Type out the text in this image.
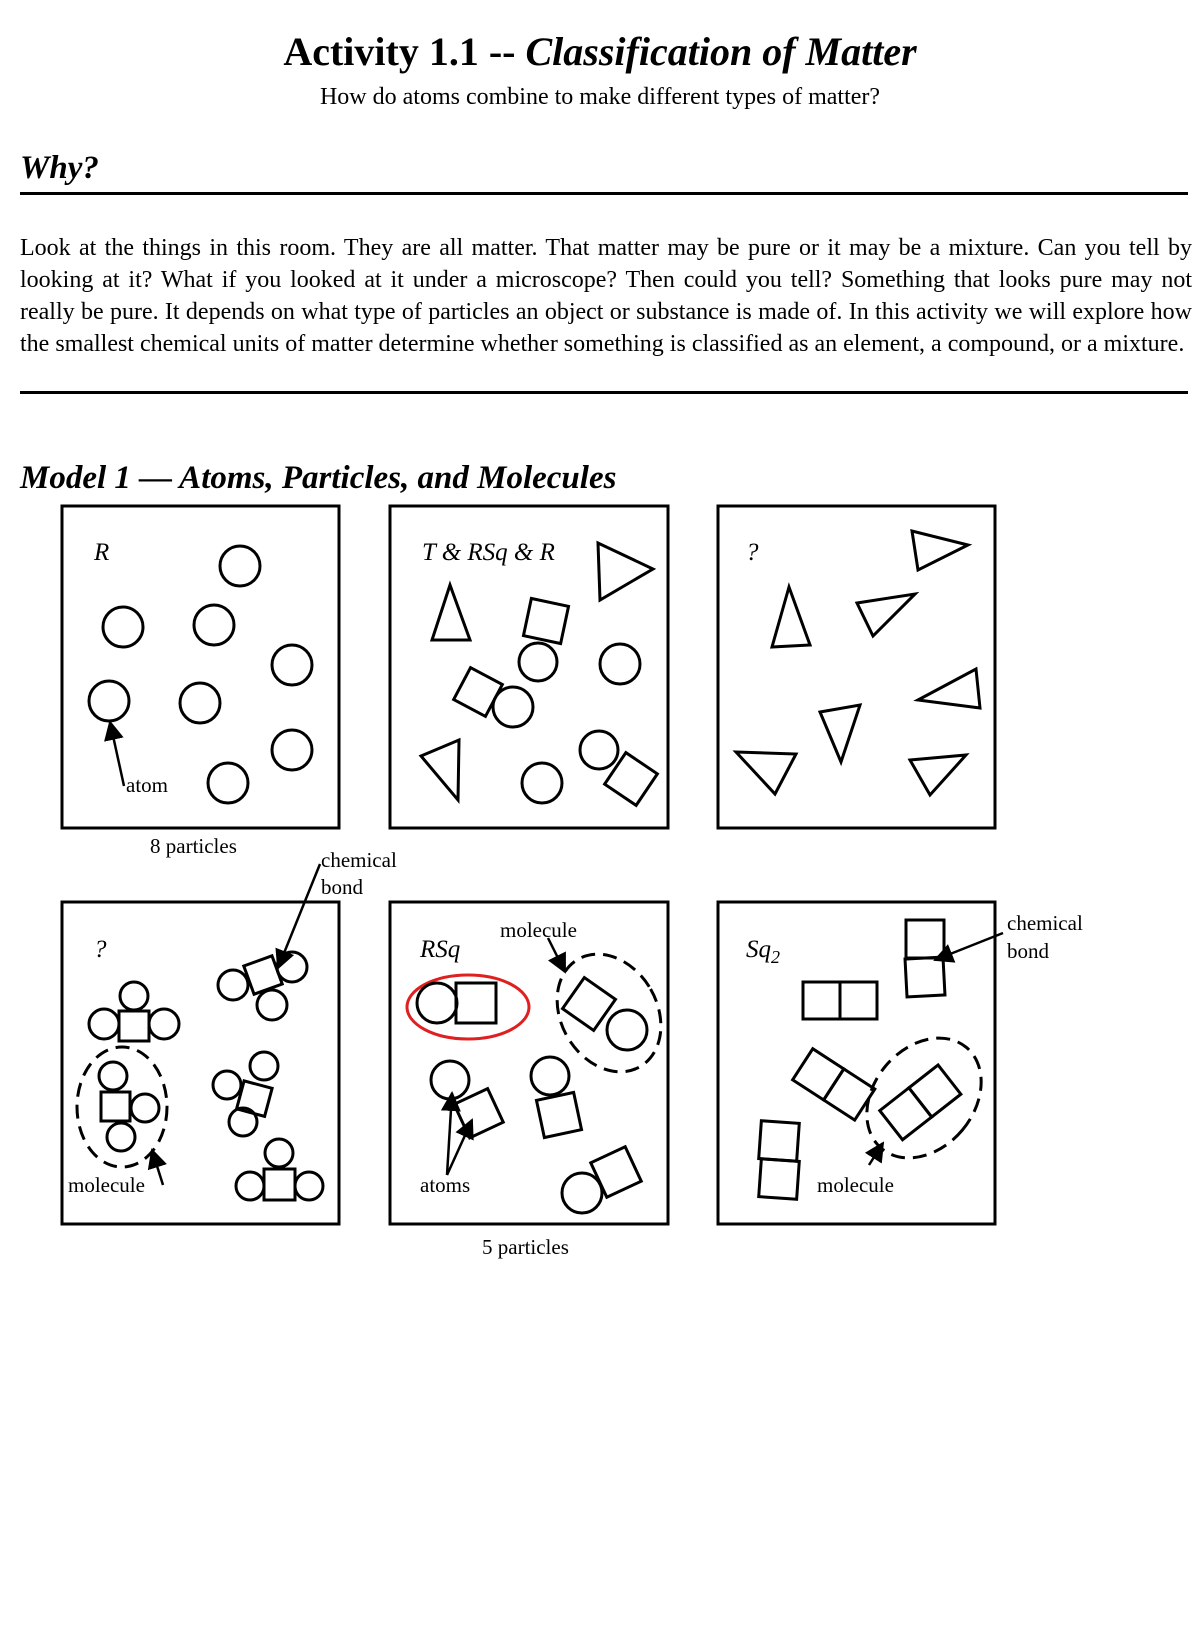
Activity 1.1 -- Classification of Matter
How do atoms combine to make different types of matter?
Why?
Look at the things in this room. They are all matter. That matter may be pure or it may be a mixture. Can you tell by looking at it? What if you looked at it under a microscope? Then could you tell? Something that looks pure may not really be pure. It depends on what type of particles an object or substance is made of. In this activity we will explore how the smallest chemical units of matter determine whether something is classified as an element, a compound, or a mixture.
Model 1 — Atoms, Particles, and Molecules
R	T & RSq & R	?
?	RSq	$Sq_2$
atom
8 particles
chemical
bond
molecule
molecule
atoms
5 particles
chemical
bond
molecule
